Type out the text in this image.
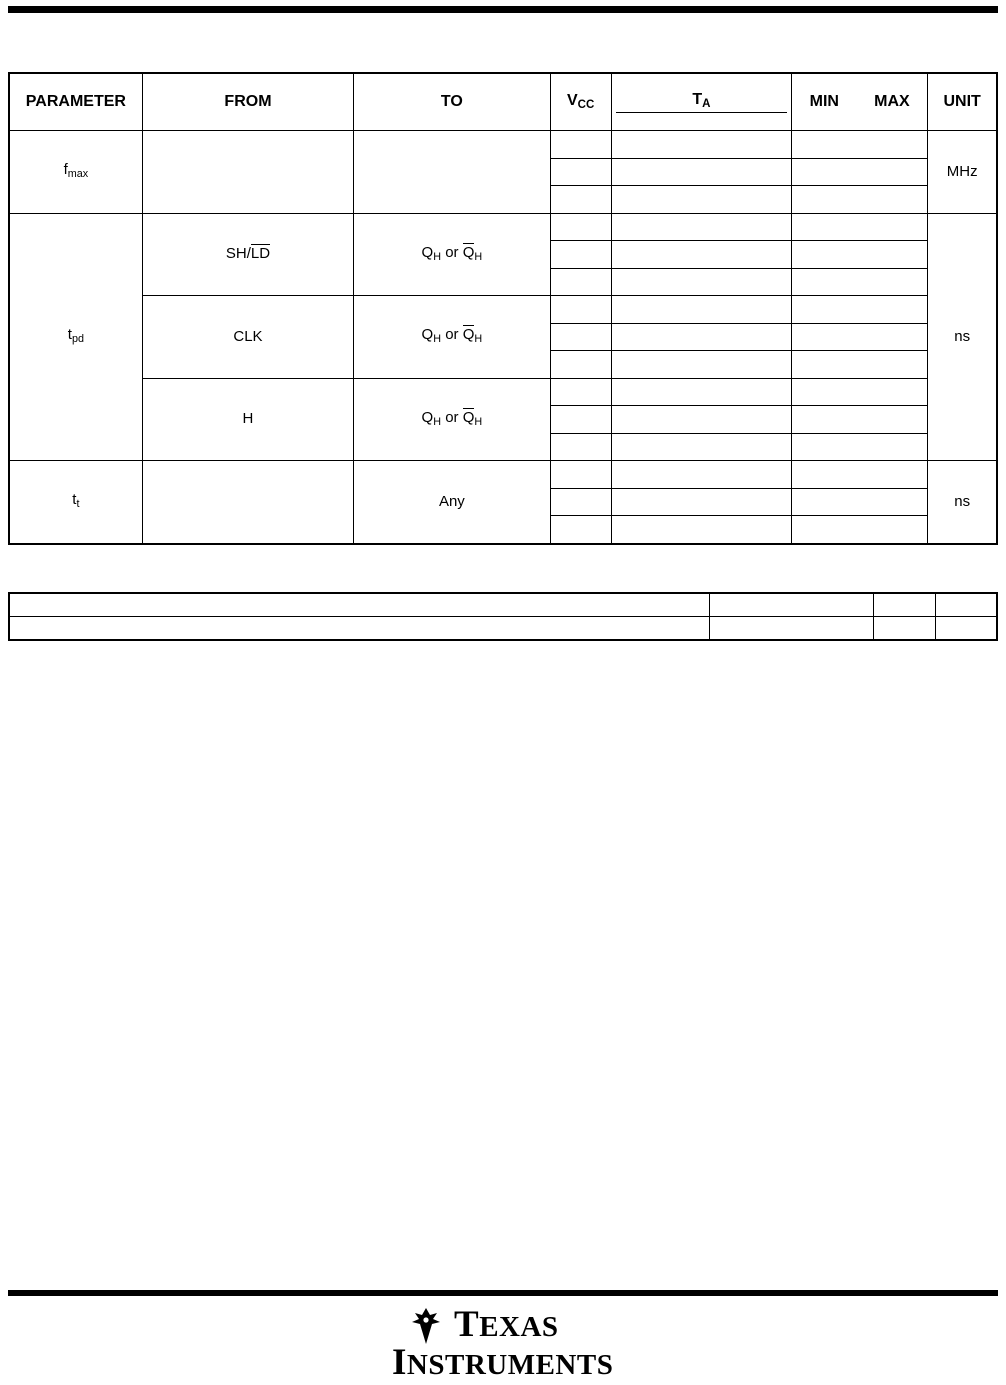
PARAMETER	FROM	TO	$V_{CC}$	$T_A$	MIN MAX	UNIT
$f_{max}$						MHz

$t_{pd}$	SH/LD	$Q_H$ or $Q_H$				ns

	CLK	$Q_H$ or $Q_H$			

	H	$Q_H$ or $Q_H$			

$t_t$		Any				ns

TEXAS
INSTRUMENTS
